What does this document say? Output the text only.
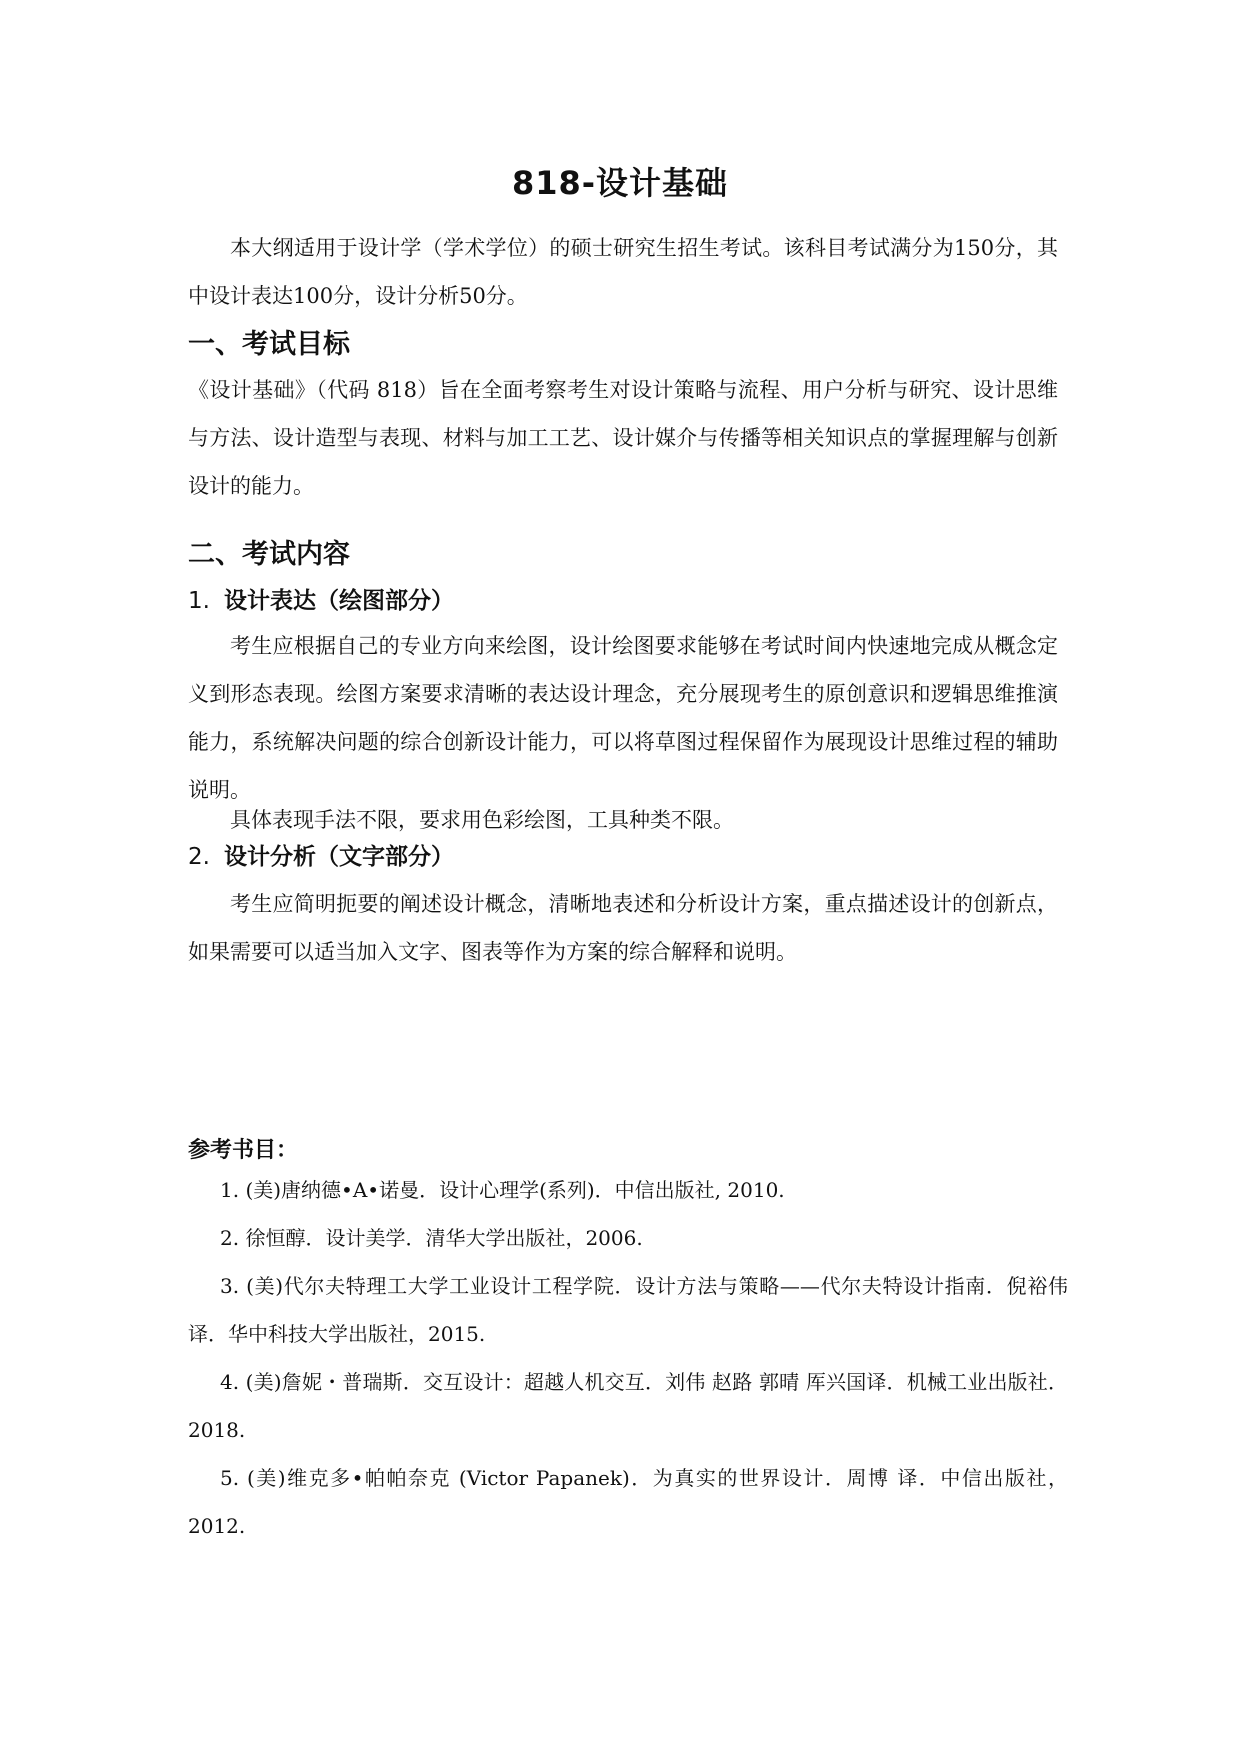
818-设计基础

本大纲适用于设计学（学术学位）的硕士研究生招生考试。该科目考试满分为150分，其中设计表达100分，设计分析50分。

一、考试目标

《设计基础》（代码 818）旨在全面考察考生对设计策略与流程、用户分析与研究、设计思维与方法、设计造型与表现、材料与加工工艺、设计媒介与传播等相关知识点的掌握理解与创新设计的能力。

二、考试内容
1. 设计表达（绘图部分）

考生应根据自己的专业方向来绘图，设计绘图要求能够在考试时间内快速地完成从概念定义到形态表现。绘图方案要求清晰的表达设计理念，充分展现考生的原创意识和逻辑思维推演能力，系统解决问题的综合创新设计能力，可以将草图过程保留作为展现设计思维过程的辅助说明。

具体表现手法不限，要求用色彩绘图，工具种类不限。

2. 设计分析（文字部分）

考生应简明扼要的阐述设计概念，清晰地表述和分析设计方案，重点描述设计的创新点，如果需要可以适当加入文字、图表等作为方案的综合解释和说明。

参考书目：
1. (美)唐纳德•A•诺曼．设计心理学(系列)．中信出版社, 2010.
2. 徐恒醇．设计美学．清华大学出版社，2006.
3. (美)代尔夫特理工大学工业设计工程学院．设计方法与策略——代尔夫特设计指南．倪裕伟 译．华中科技大学出版社，2015.
4. (美)詹妮・普瑞斯．交互设计：超越人机交互．刘伟 赵路 郭晴 厍兴国译．机械工业出版社．2018.
5. (美)维克多•帕帕奈克 (Victor Papanek)．为真实的世界设计．周博 译．中信出版社，2012.
